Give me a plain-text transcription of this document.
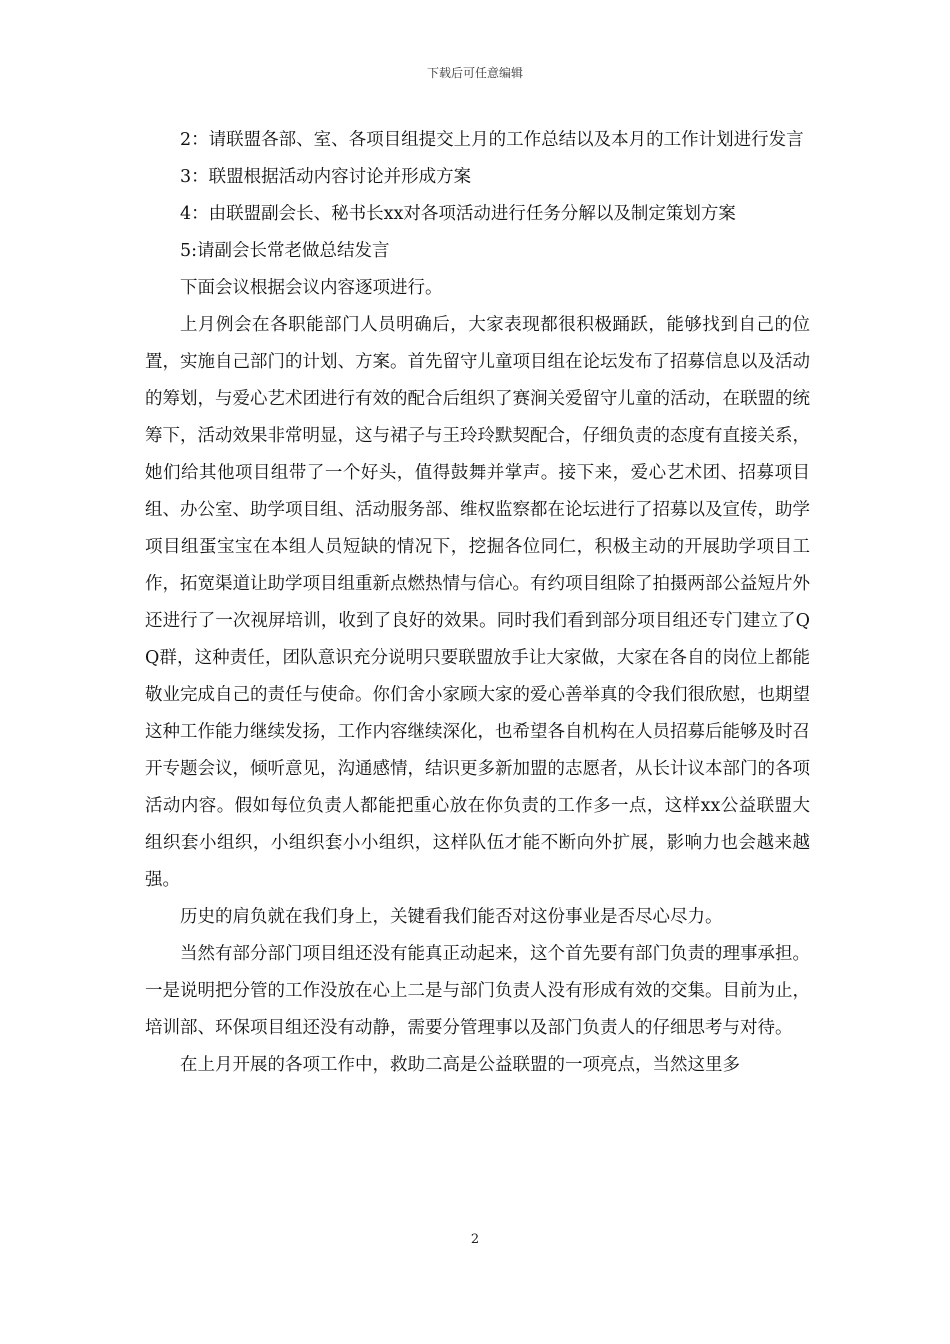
下载后可任意编辑

2：请联盟各部、室、各项目组提交上月的工作总结以及本月的工作计划进行发言

3：联盟根据活动内容讨论并形成方案

4：由联盟副会长、秘书长xx对各项活动进行任务分解以及制定策划方案

5:请副会长常老做总结发言

下面会议根据会议内容逐项进行。

上月例会在各职能部门人员明确后，大家表现都很积极踊跃，能够找到自己的位置，实施自己部门的计划、方案。首先留守儿童项目组在论坛发布了招募信息以及活动的筹划，与爱心艺术团进行有效的配合后组织了赛涧关爱留守儿童的活动，在联盟的统筹下，活动效果非常明显，这与裙子与王玲玲默契配合，仔细负责的态度有直接关系，她们给其他项目组带了一个好头，值得鼓舞并掌声。接下来，爱心艺术团、招募项目组、办公室、助学项目组、活动服务部、维权监察都在论坛进行了招募以及宣传，助学项目组蛋宝宝在本组人员短缺的情况下，挖掘各位同仁，积极主动的开展助学项目工作，拓宽渠道让助学项目组重新点燃热情与信心。有约项目组除了拍摄两部公益短片外还进行了一次视屏培训，收到了良好的效果。同时我们看到部分项目组还专门建立了QQ群，这种责任，团队意识充分说明只要联盟放手让大家做，大家在各自的岗位上都能敬业完成自己的责任与使命。你们舍小家顾大家的爱心善举真的令我们很欣慰，也期望这种工作能力继续发扬，工作内容继续深化，也希望各自机构在人员招募后能够及时召开专题会议，倾听意见，沟通感情，结识更多新加盟的志愿者，从长计议本部门的各项活动内容。假如每位负责人都能把重心放在你负责的工作多一点，这样xx公益联盟大组织套小组织，小组织套小小组织，这样队伍才能不断向外扩展，影响力也会越来越强。

历史的肩负就在我们身上，关键看我们能否对这份事业是否尽心尽力。

当然有部分部门项目组还没有能真正动起来，这个首先要有部门负责的理事承担。一是说明把分管的工作没放在心上二是与部门负责人没有形成有效的交集。目前为止，培训部、环保项目组还没有动静，需要分管理事以及部门负责人的仔细思考与对待。

在上月开展的各项工作中，救助二高是公益联盟的一项亮点，当然这里多

2
